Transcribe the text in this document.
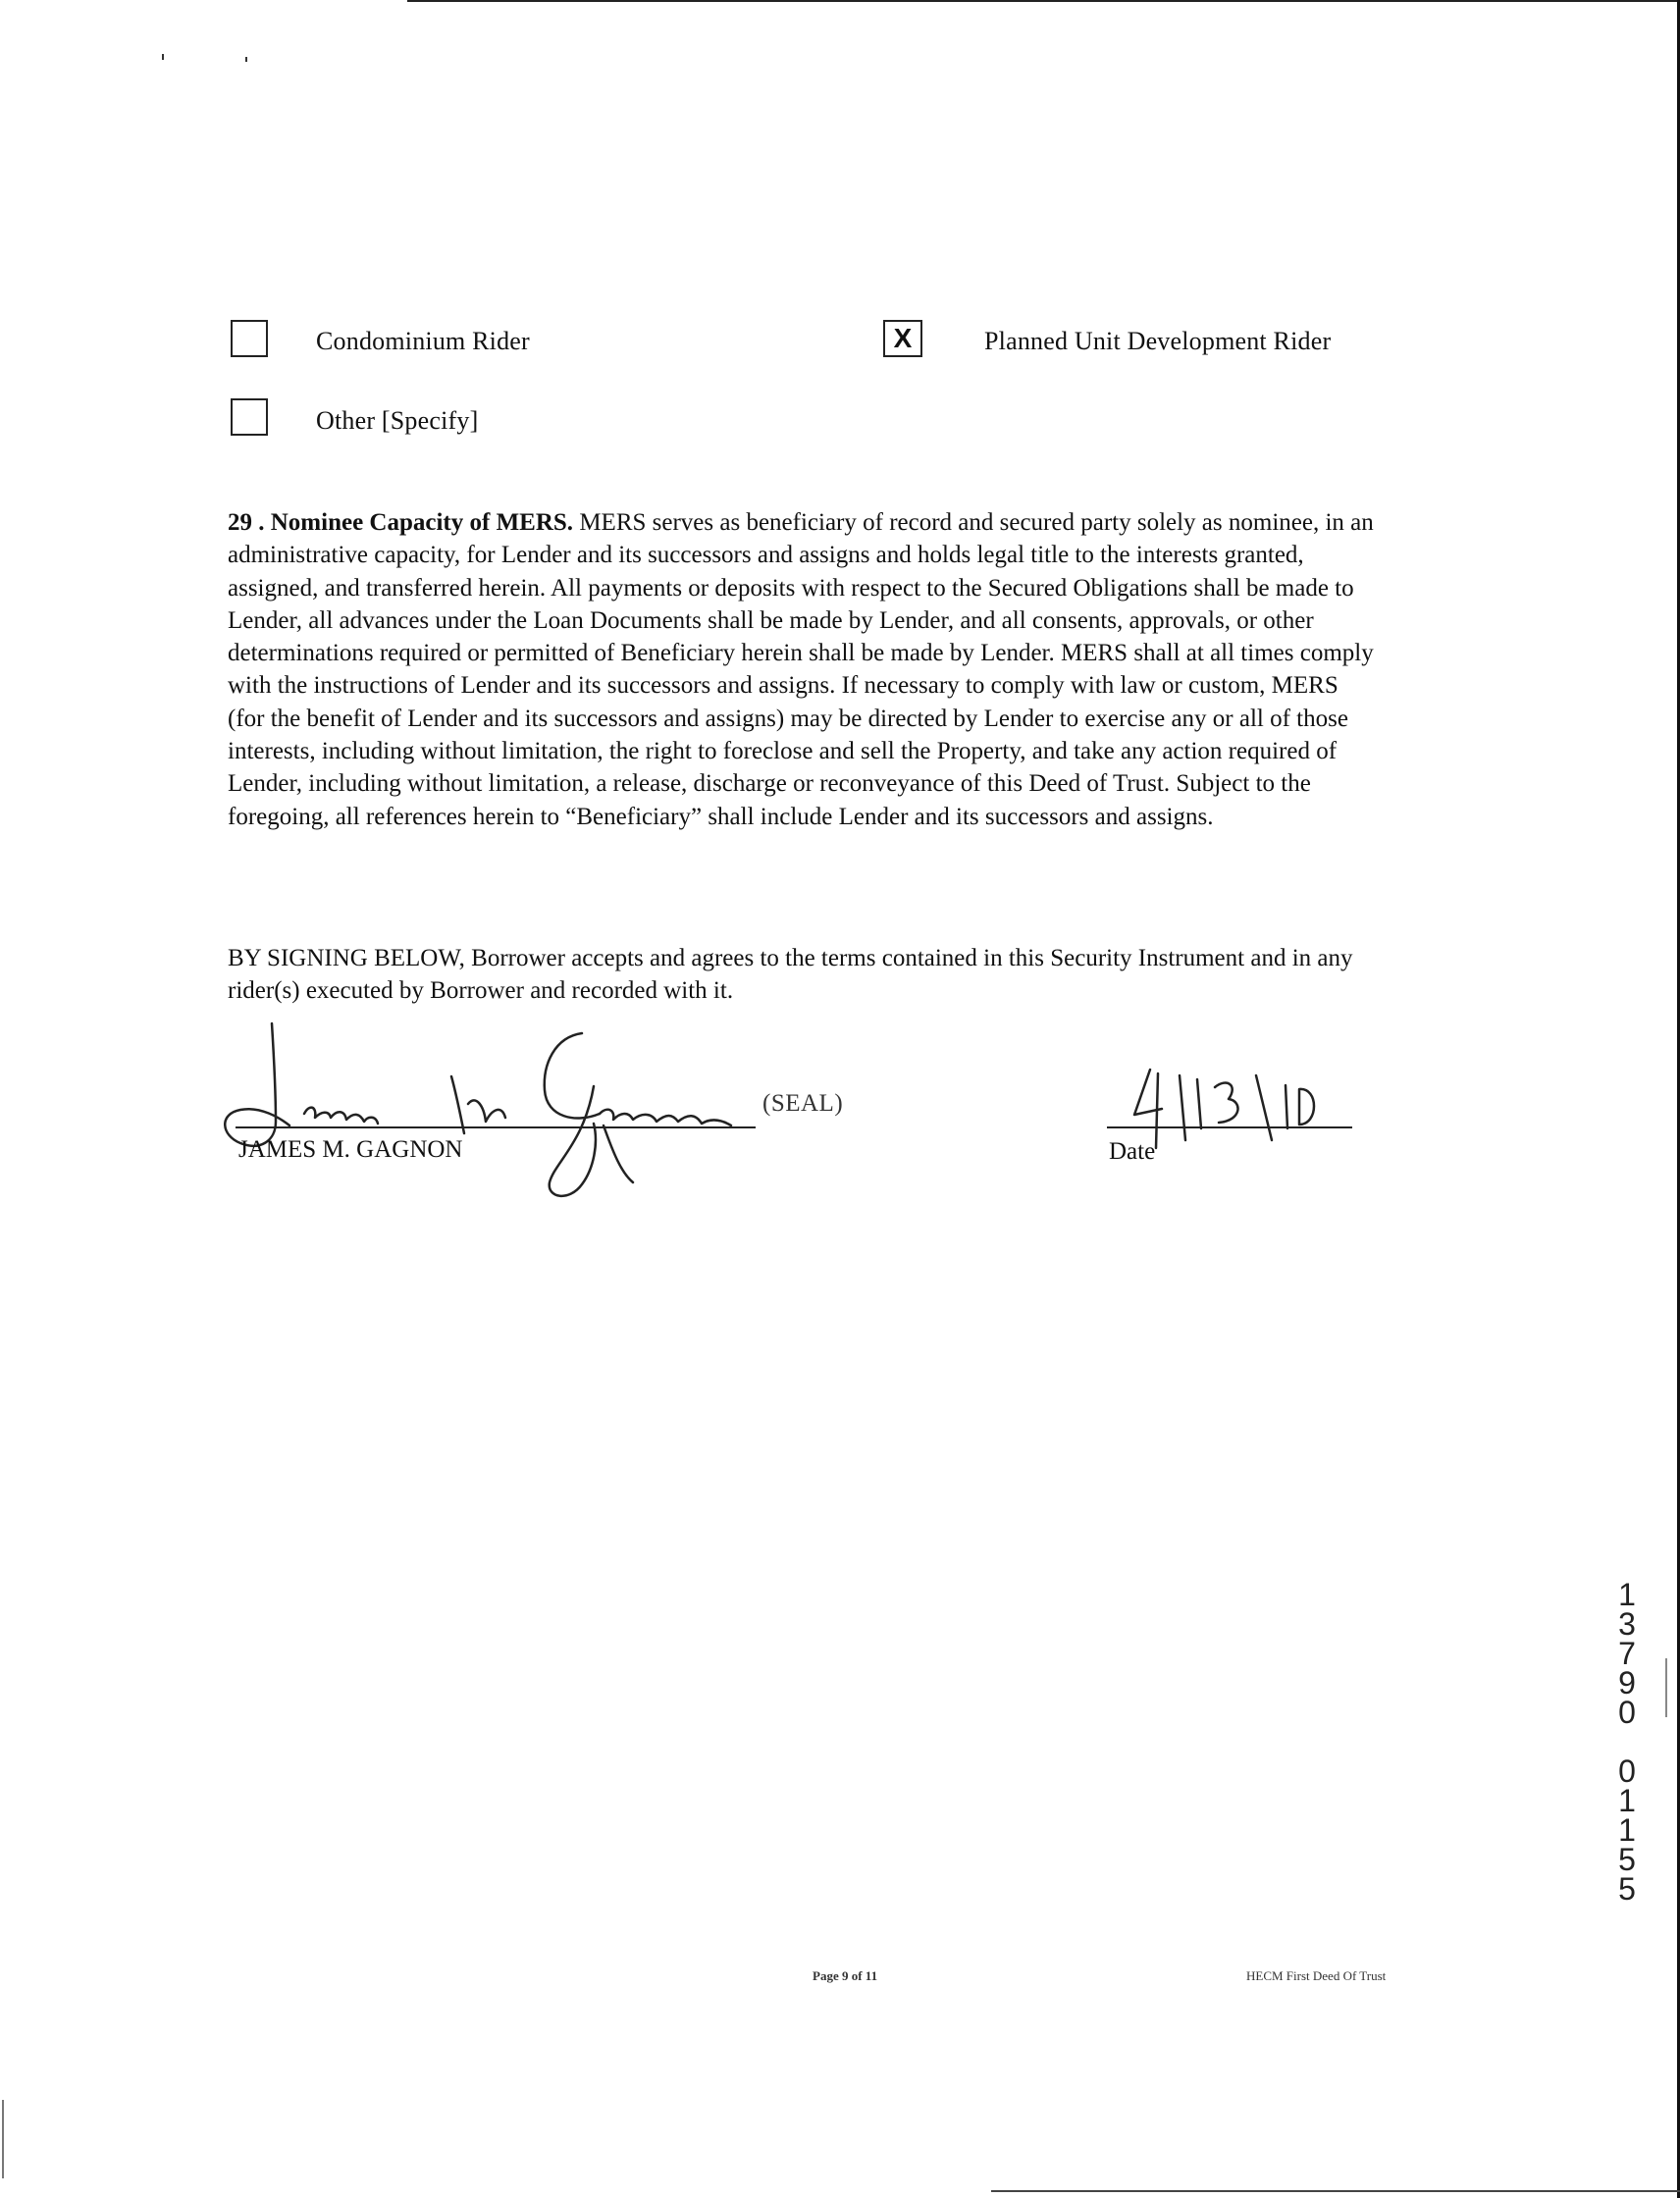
Condominium Rider	X	Planned Unit Development Rider
Other [Specify]
29 . Nominee Capacity of MERS. MERS serves as beneficiary of record and secured party solely as nominee, in an administrative capacity, for Lender and its successors and assigns and holds legal title to the interests granted, assigned, and transferred herein. All payments or deposits with respect to the Secured Obligations shall be made to Lender, all advances under the Loan Documents shall be made by Lender, and all consents, approvals, or other determinations required or permitted of Beneficiary herein shall be made by Lender. MERS shall at all times comply with the instructions of Lender and its successors and assigns. If necessary to comply with law or custom, MERS (for the benefit of Lender and its successors and assigns) may be directed by Lender to exercise any or all of those interests, including without limitation, the right to foreclose and sell the Property, and take any action required of Lender, including without limitation, a release, discharge or reconveyance of this Deed of Trust. Subject to the foregoing, all references herein to “Beneficiary” shall include Lender and its successors and assigns.
BY SIGNING BELOW, Borrower accepts and agrees to the terms contained in this Security Instrument and in any rider(s) executed by Borrower and recorded with it.
(SEAL)
JAMES M. GAGNON	Date
1
3
7
9
0
0
1
1
5
5
Page 9 of 11	HECM First Deed Of Trust
